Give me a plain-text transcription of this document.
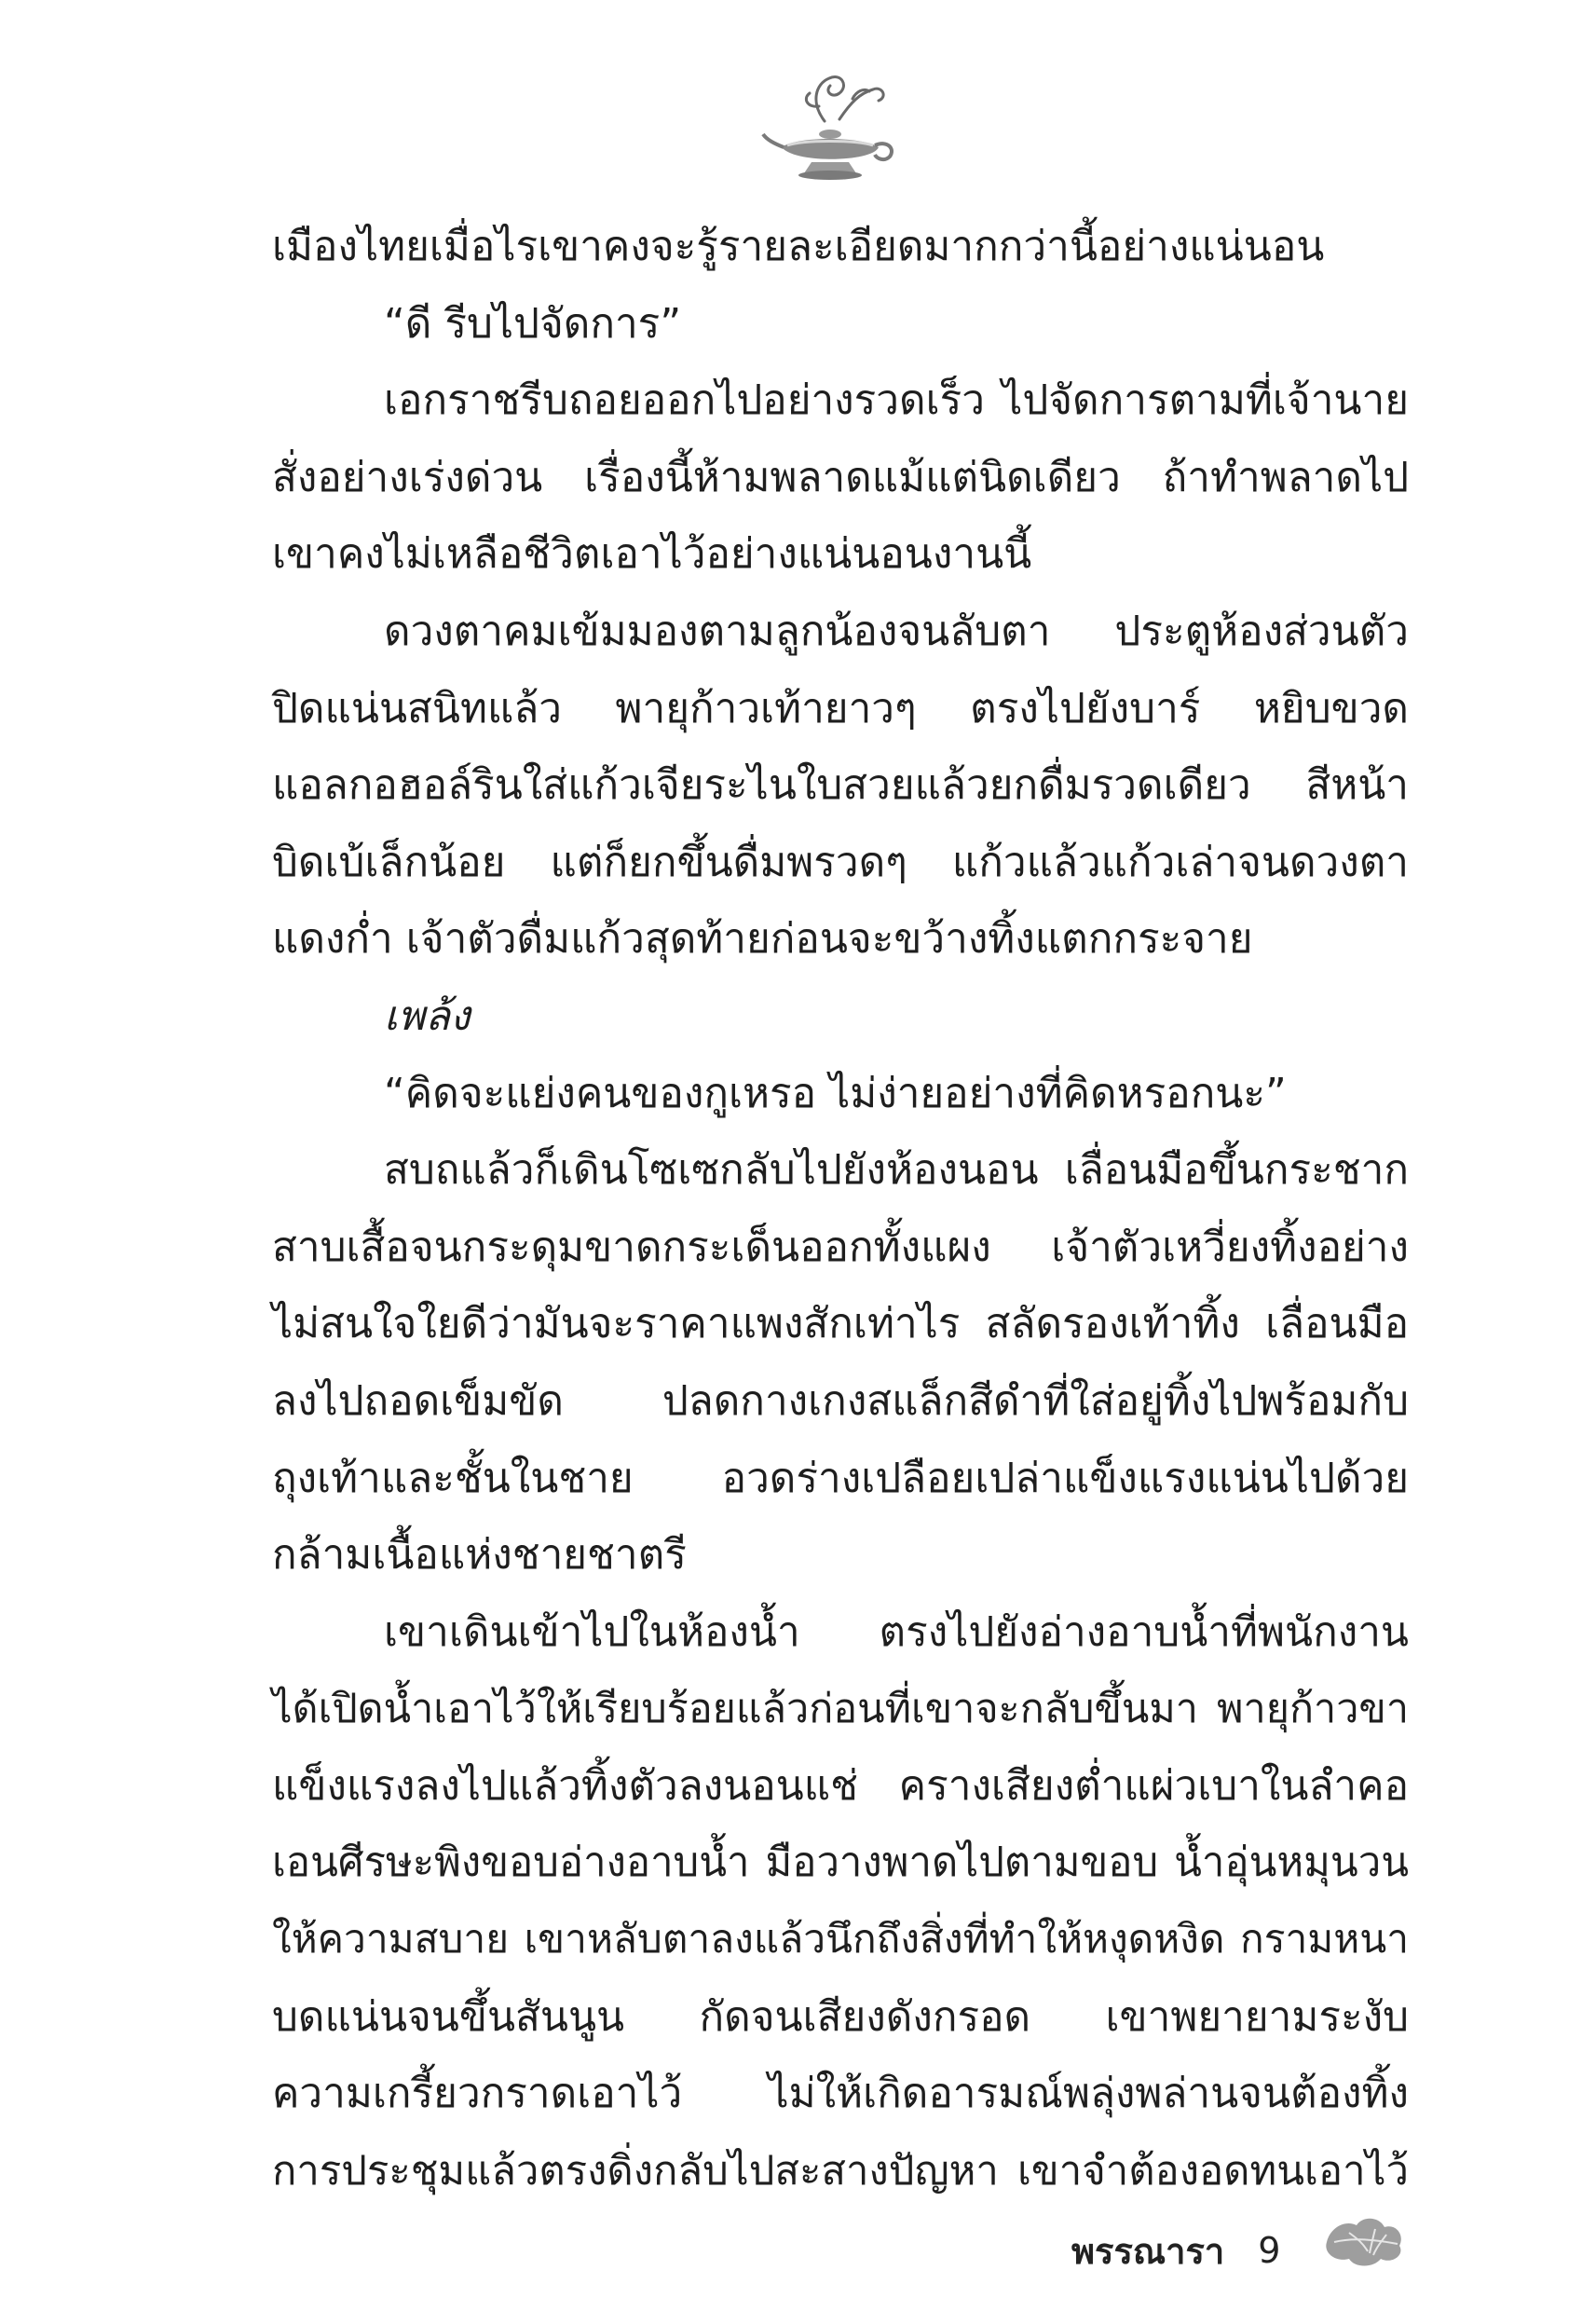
เมืองไทยเมื่อไรเขาคงจะรู้รายละเอียดมากกว่านี้อย่างแน่นอน
“ดี รีบไปจัดการ”
เอกราชรีบถอยออกไปอย่างรวดเร็ว ไปจัดการตามที่เจ้านาย
สั่งอย่างเร่งด่วน เรื่องนี้ห้ามพลาดแม้แต่นิดเดียว ถ้าทำพลาดไป
เขาคงไม่เหลือชีวิตเอาไว้อย่างแน่นอนงานนี้
ดวงตาคมเข้มมองตามลูกน้องจนลับตา ประตูห้องส่วนตัว
ปิดแน่นสนิทแล้ว พายุก้าวเท้ายาวๆ ตรงไปยังบาร์ หยิบขวด
แอลกอฮอล์รินใส่แก้วเจียระไนใบสวยแล้วยกดื่มรวดเดียว สีหน้า
บิดเบ้เล็กน้อย แต่ก็ยกขึ้นดื่มพรวดๆ แก้วแล้วแก้วเล่าจนดวงตา
แดงก่ำ เจ้าตัวดื่มแก้วสุดท้ายก่อนจะขว้างทิ้งแตกกระจาย
เพล้ง
“คิดจะแย่งคนของกูเหรอ ไม่ง่ายอย่างที่คิดหรอกนะ”
สบถแล้วก็เดินโซเซกลับไปยังห้องนอน เลื่อนมือขึ้นกระชาก
สาบเสื้อจนกระดุมขาดกระเด็นออกทั้งแผง เจ้าตัวเหวี่ยงทิ้งอย่าง
ไม่สนใจใยดีว่ามันจะราคาแพงสักเท่าไร สลัดรองเท้าทิ้ง เลื่อนมือ
ลงไปถอดเข็มขัด ปลดกางเกงสแล็กสีดำที่ใส่อยู่ทิ้งไปพร้อมกับ
ถุงเท้าและชั้นในชาย อวดร่างเปลือยเปล่าแข็งแรงแน่นไปด้วย
กล้ามเนื้อแห่งชายชาตรี
เขาเดินเข้าไปในห้องน้ำ ตรงไปยังอ่างอาบน้ำที่พนักงาน
ได้เปิดน้ำเอาไว้ให้เรียบร้อยแล้วก่อนที่เขาจะกลับขึ้นมา พายุก้าวขา
แข็งแรงลงไปแล้วทิ้งตัวลงนอนแช่ ครางเสียงต่ำแผ่วเบาในลำคอ
เอนศีรษะพิงขอบอ่างอาบน้ำ มือวางพาดไปตามขอบ น้ำอุ่นหมุนวน
ให้ความสบาย เขาหลับตาลงแล้วนึกถึงสิ่งที่ทำให้หงุดหงิด กรามหนา
บดแน่นจนขึ้นสันนูน กัดจนเสียงดังกรอด เขาพยายามระงับ
ความเกรี้ยวกราดเอาไว้ ไม่ให้เกิดอารมณ์พลุ่งพล่านจนต้องทิ้ง
การประชุมแล้วตรงดิ่งกลับไปสะสางปัญหา เขาจำต้องอดทนเอาไว้
พรรณารา 9
